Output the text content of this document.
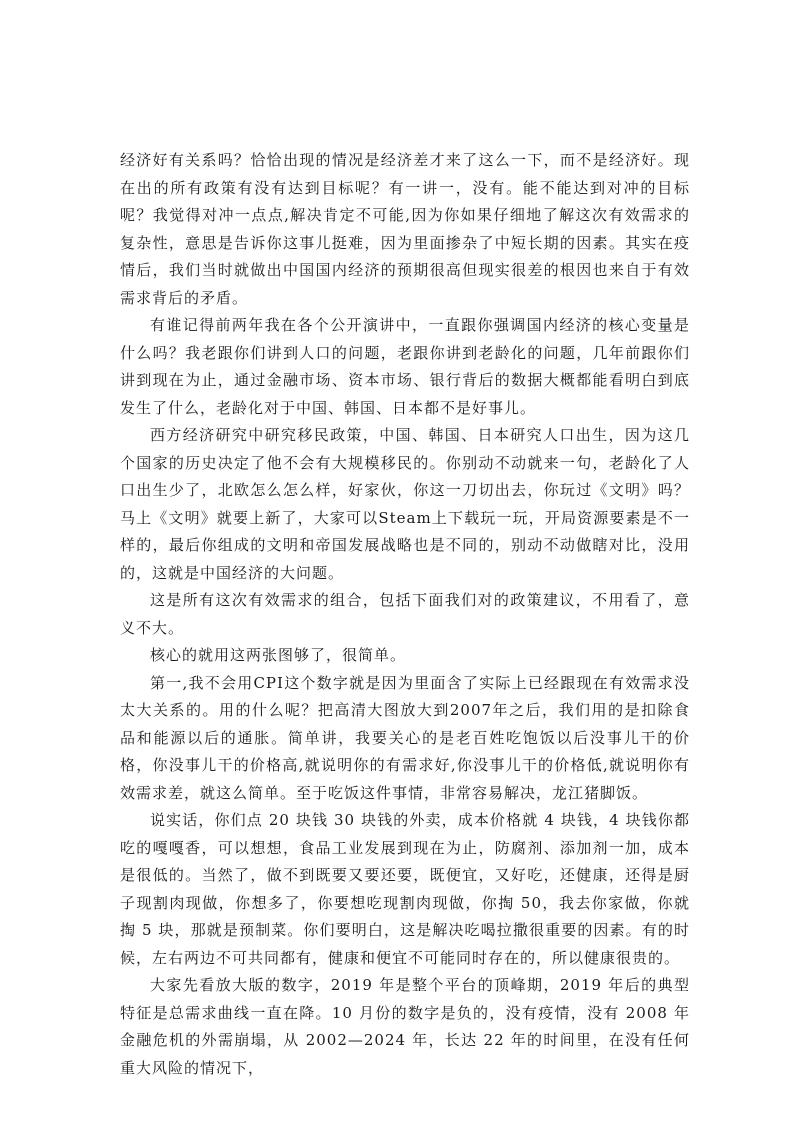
经济好有关系吗？恰恰出现的情况是经济差才来了这么一下，而不是经济好。现在出的所有政策有没有达到目标呢？有一讲一，没有。能不能达到对冲的目标呢？我觉得对冲一点点,解决肯定不可能,因为你如果仔细地了解这次有效需求的复杂性，意思是告诉你这事儿挺难，因为里面掺杂了中短长期的因素。其实在疫情后，我们当时就做出中国国内经济的预期很高但现实很差的根因也来自于有效需求背后的矛盾。

有谁记得前两年我在各个公开演讲中，一直跟你强调国内经济的核心变量是什么吗？我老跟你们讲到人口的问题，老跟你讲到老龄化的问题，几年前跟你们讲到现在为止，通过金融市场、资本市场、银行背后的数据大概都能看明白到底发生了什么，老龄化对于中国、韩国、日本都不是好事儿。

西方经济研究中研究移民政策，中国、韩国、日本研究人口出生，因为这几个国家的历史决定了他不会有大规模移民的。你别动不动就来一句，老龄化了人口出生少了，北欧怎么怎么样，好家伙，你这一刀切出去，你玩过《文明》吗？马上《文明》就要上新了，大家可以Steam上下载玩一玩，开局资源要素是不一样的，最后你组成的文明和帝国发展战略也是不同的，别动不动做瞎对比，没用的，这就是中国经济的大问题。

这是所有这次有效需求的组合，包括下面我们对的政策建议，不用看了，意义不大。

核心的就用这两张图够了，很简单。

第一,我不会用CPI这个数字就是因为里面含了实际上已经跟现在有效需求没太大关系的。用的什么呢？把高清大图放大到2007年之后，我们用的是扣除食品和能源以后的通胀。简单讲，我要关心的是老百姓吃饱饭以后没事儿干的价格，你没事儿干的价格高,就说明你的有需求好,你没事儿干的价格低,就说明你有效需求差，就这么简单。至于吃饭这件事情，非常容易解决，龙江猪脚饭。

说实话，你们点 20 块钱 30 块钱的外卖，成本价格就 4 块钱，4 块钱你都吃的嘎嘎香，可以想想，食品工业发展到现在为止，防腐剂、添加剂一加，成本是很低的。当然了，做不到既要又要还要，既便宜，又好吃，还健康，还得是厨子现割肉现做，你想多了，你要想吃现割肉现做，你掏 50，我去你家做，你就掏 5 块，那就是预制菜。你们要明白，这是解决吃喝拉撒很重要的因素。有的时候，左右两边不可共同都有，健康和便宜不可能同时存在的，所以健康很贵的。

大家先看放大版的数字，2019 年是整个平台的顶峰期，2019 年后的典型特征是总需求曲线一直在降。10 月份的数字是负的，没有疫情，没有 2008 年金融危机的外需崩塌，从 2002—2024 年，长达 22 年的时间里，在没有任何重大风险的情况下，
